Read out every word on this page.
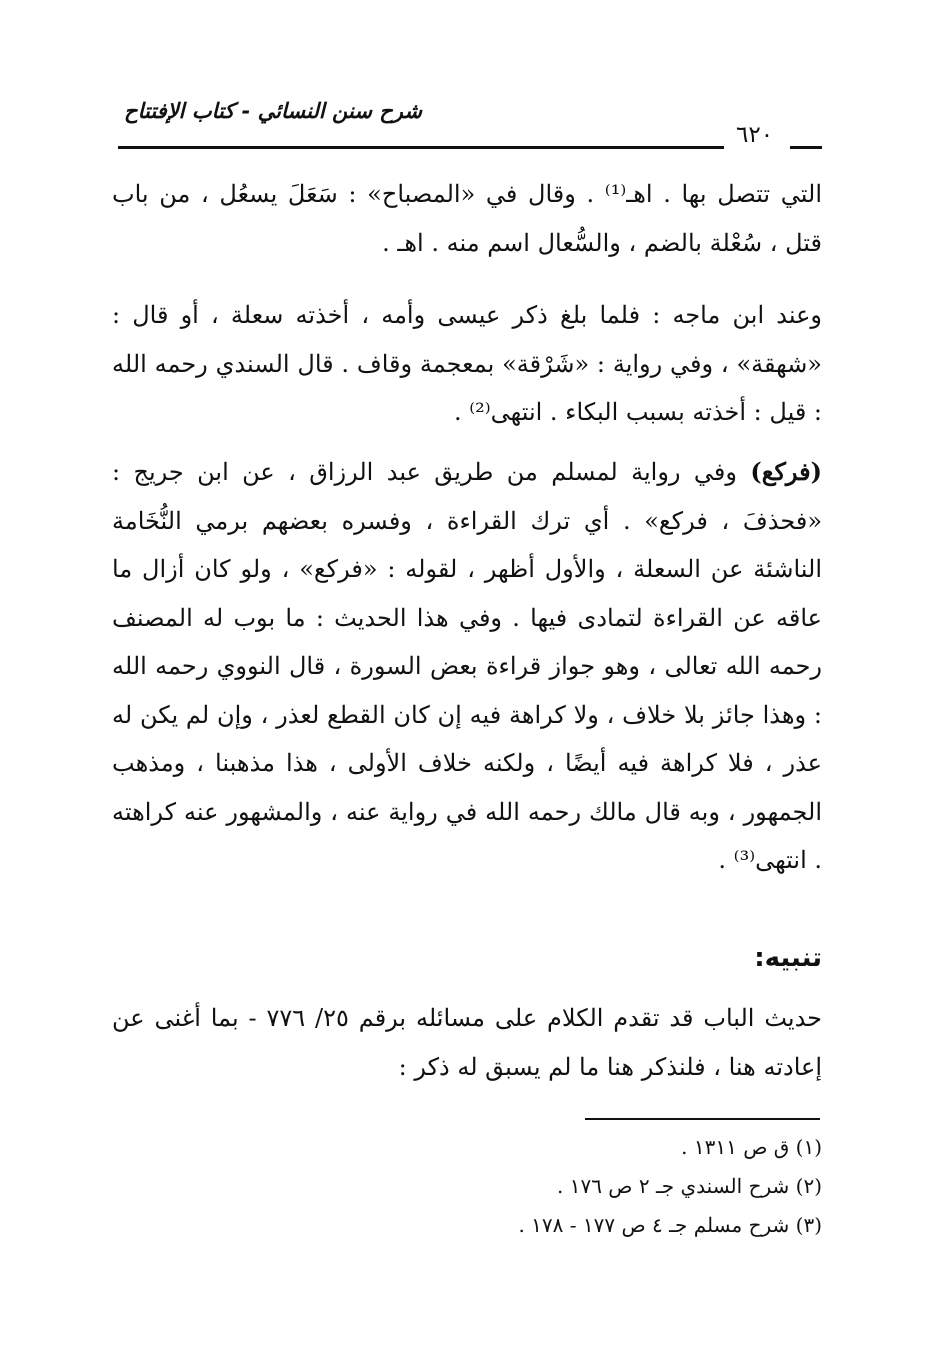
شرح سنن النسائي - كتاب الإفتتاح
٦٢٠
التي تتصل بها . اهـ⁽¹⁾ . وقال في «المصباح» : سَعَلَ يسعُل ، من باب قتل ، سُعْلة بالضم ، والسُّعال اسم منه . اهـ .
وعند ابن ماجه : فلما بلغ ذكر عيسى وأمه ، أخذته سعلة ، أو قال : «شهقة» ، وفي رواية : «شَرْقة» بمعجمة وقاف . قال السندي رحمه الله : قيل : أخذته بسبب البكاء . انتهى⁽²⁾ .
(فركع) وفي رواية لمسلم من طريق عبد الرزاق ، عن ابن جريج : «فحذفَ ، فركع» . أي ترك القراءة ، وفسره بعضهم برمي النُّخَامة الناشئة عن السعلة ، والأول أظهر ، لقوله : «فركع» ، ولو كان أزال ما عاقه عن القراءة لتمادى فيها . وفي هذا الحديث : ما بوب له المصنف رحمه الله تعالى ، وهو جواز قراءة بعض السورة ، قال النووي رحمه الله : وهذا جائز بلا خلاف ، ولا كراهة فيه إن كان القطع لعذر ، وإن لم يكن له عذر ، فلا كراهة فيه أيضًا ، ولكنه خلاف الأولى ، هذا مذهبنا ، ومذهب الجمهور ، وبه قال مالك رحمه الله في رواية عنه ، والمشهور عنه كراهته . انتهى⁽³⁾ .
تنبيه:
حديث الباب قد تقدم الكلام على مسائله برقم ٢٥/ ٧٧٦ - بما أغنى عن إعادته هنا ، فلنذكر هنا ما لم يسبق له ذكر :
(١) ق ص ١٣١١ .
(٢) شرح السندي جـ ٢ ص ١٧٦ .
(٣) شرح مسلم جـ ٤ ص ١٧٧ - ١٧٨ .
